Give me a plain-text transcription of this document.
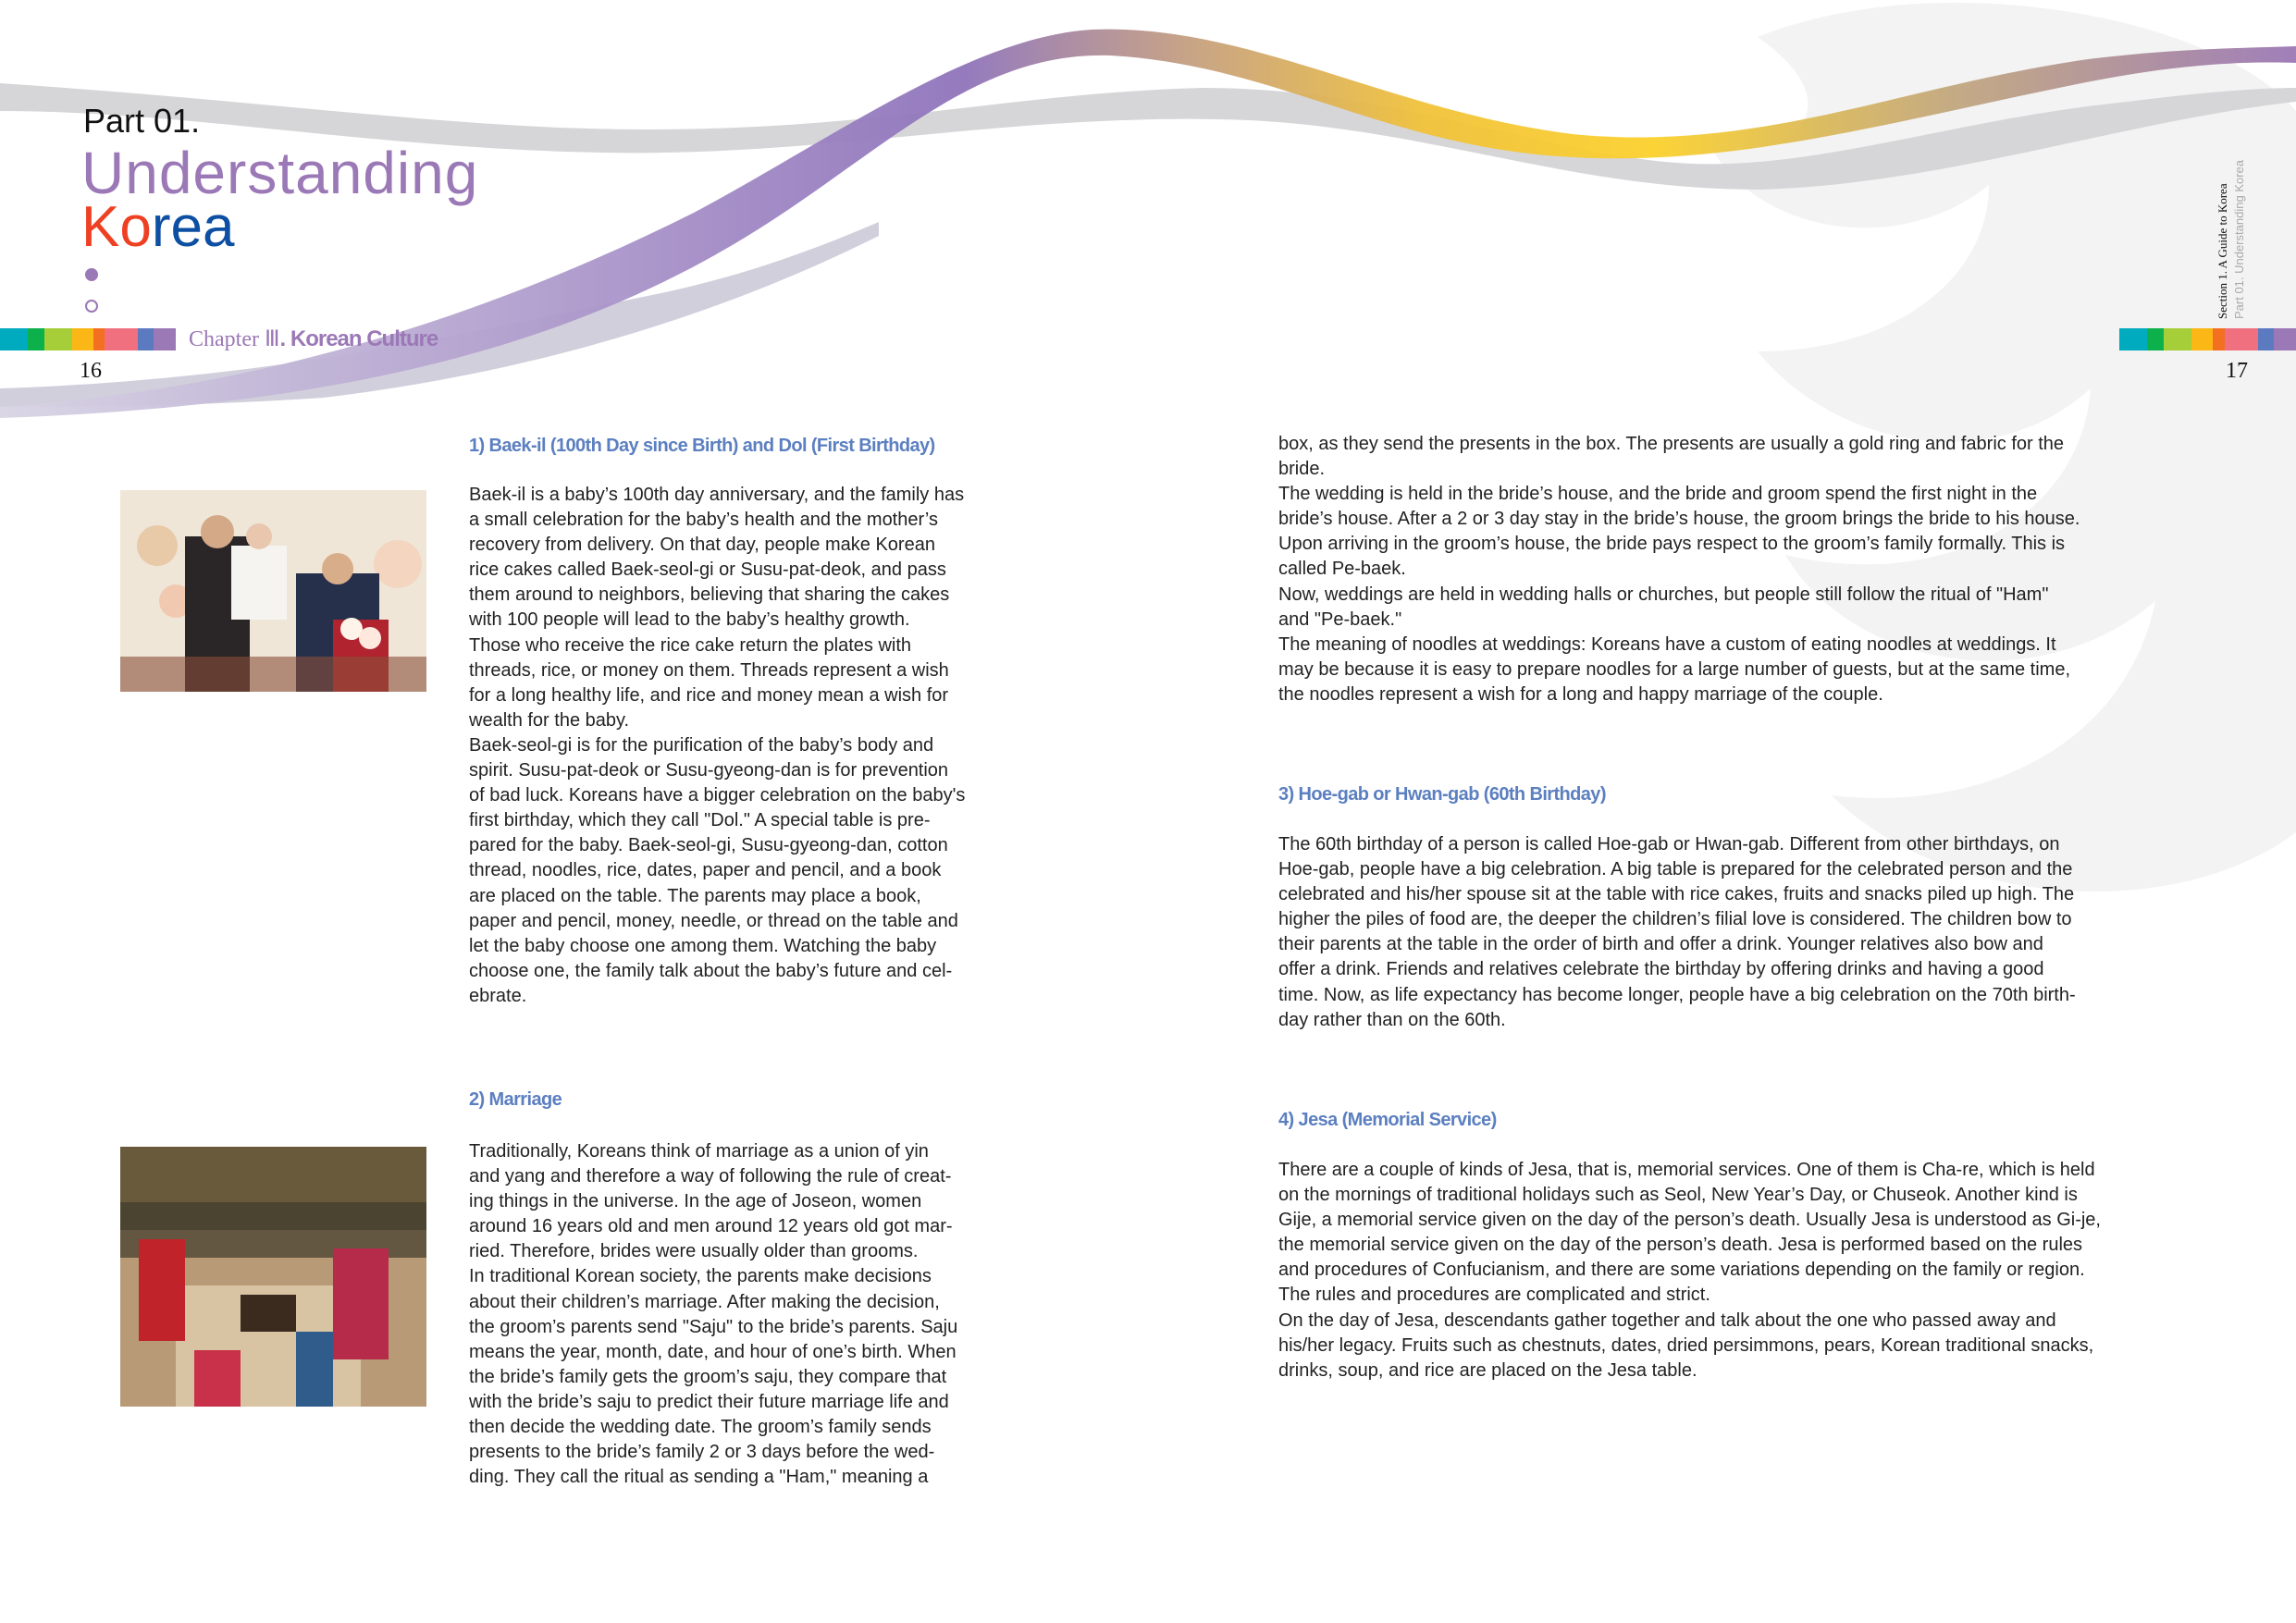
Part 01.
Understanding
Korea
Chapter Ⅲ. Korean Culture
16
Section 1. A Guide to Korea Part 01. Understanding Korea
17
1) Baek-il (100th Day since Birth) and Dol (First Birthday)
Baek-il is a baby’s 100th day anniversary, and the family has
a small celebration for the baby’s health and the mother’s
recovery from delivery. On that day, people make Korean
rice cakes called Baek-seol-gi or Susu-pat-deok, and pass
them around to neighbors, believing that sharing the cakes
with 100 people will lead to the baby’s healthy growth.
Those who receive the rice cake return the plates with
threads, rice, or money on them. Threads represent a wish
for a long healthy life, and rice and money mean a wish for
wealth for the baby.
Baek-seol-gi is for the purification of the baby’s body and
spirit. Susu-pat-deok or Susu-gyeong-dan is for prevention
of bad luck. Koreans have a bigger celebration on the baby's
first birthday, which they call "Dol." A special table is pre-
pared for the baby. Baek-seol-gi, Susu-gyeong-dan, cotton
thread, noodles, rice, dates, paper and pencil, and a book
are placed on the table. The parents may place a book,
paper and pencil, money, needle, or thread on the table and
let the baby choose one among them. Watching the baby
choose one, the family talk about the baby’s future and cel-
ebrate.
2) Marriage
Traditionally, Koreans think of marriage as a union of yin
and yang and therefore a way of following the rule of creat-
ing things in the universe. In the age of Joseon, women
around 16 years old and men around 12 years old got mar-
ried. Therefore, brides were usually older than grooms.
In traditional Korean society, the parents make decisions
about their children’s marriage. After making the decision,
the groom’s parents send "Saju" to the bride’s parents. Saju
means the year, month, date, and hour of one’s birth. When
the bride’s family gets the groom’s saju, they compare that
with the bride’s saju to predict their future marriage life and
then decide the wedding date. The groom’s family sends
presents to the bride’s family 2 or 3 days before the wed-
ding. They call the ritual as sending a "Ham," meaning a
box, as they send the presents in the box. The presents are usually a gold ring and fabric for the
bride.
The wedding is held in the bride’s house, and the bride and groom spend the first night in the
bride’s house. After a 2 or 3 day stay in the bride’s house, the groom brings the bride to his house.
Upon arriving in the groom’s house, the bride pays respect to the groom’s family formally. This is
called Pe-baek.
Now, weddings are held in wedding halls or churches, but people still follow the ritual of "Ham"
and "Pe-baek."
The meaning of noodles at weddings: Koreans have a custom of eating noodles at weddings. It
may be because it is easy to prepare noodles for a large number of guests, but at the same time,
the noodles represent a wish for a long and happy marriage of the couple.
3) Hoe-gab or Hwan-gab (60th Birthday)
The 60th birthday of a person is called Hoe-gab or Hwan-gab. Different from other birthdays, on
Hoe-gab, people have a big celebration. A big table is prepared for the celebrated person and the
celebrated and his/her spouse sit at the table with rice cakes, fruits and snacks piled up high. The
higher the piles of food are, the deeper the children’s filial love is considered. The children bow to
their parents at the table in the order of birth and offer a drink. Younger relatives also bow and
offer a drink. Friends and relatives celebrate the birthday by offering drinks and having a good
time. Now, as life expectancy has become longer, people have a big celebration on the 70th birth-
day rather than on the 60th.
4) Jesa (Memorial Service)
There are a couple of kinds of Jesa, that is, memorial services. One of them is Cha-re, which is held
on the mornings of traditional holidays such as Seol, New Year’s Day, or Chuseok. Another kind is
Gije, a memorial service given on the day of the person’s death. Usually Jesa is understood as Gi-je,
the memorial service given on the day of the person’s death. Jesa is performed based on the rules
and procedures of Confucianism, and there are some variations depending on the family or region.
The rules and procedures are complicated and strict.
On the day of Jesa, descendants gather together and talk about the one who passed away and
his/her legacy. Fruits such as chestnuts, dates, dried persimmons, pears, Korean traditional snacks,
drinks, soup, and rice are placed on the Jesa table.
